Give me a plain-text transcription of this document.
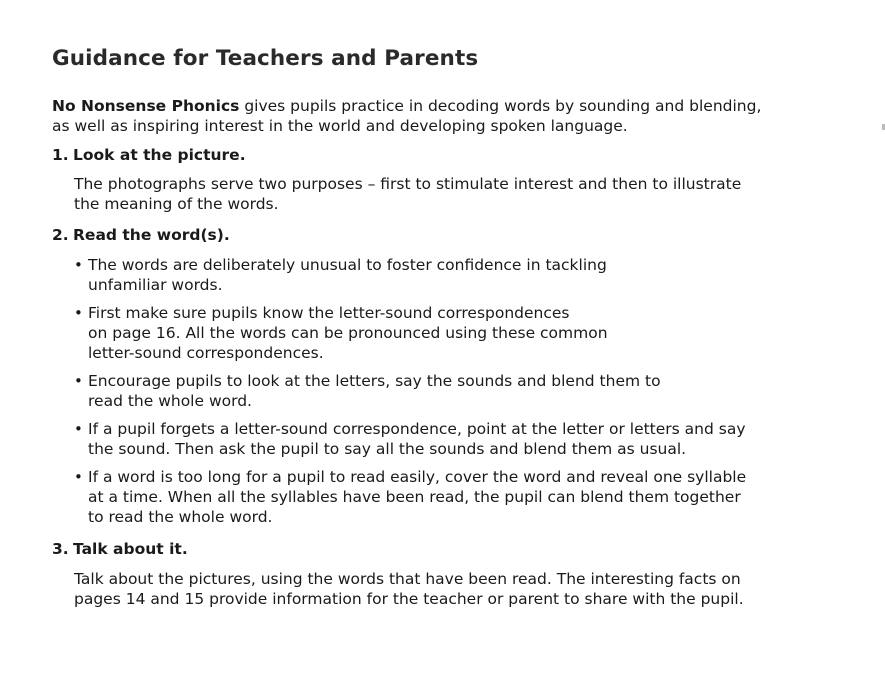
Guidance for Teachers and Parents
No Nonsense Phonics gives pupils practice in decoding words by sounding and blending,
as well as inspiring interest in the world and developing spoken language.
1. Look at the picture.
The photographs serve two purposes – first to stimulate interest and then to illustrate
the meaning of the words.
2. Read the word(s).
• The words are deliberately unusual to foster confidence in tackling
unfamiliar words.
• First make sure pupils know the letter-sound correspondences
on page 16. All the words can be pronounced using these common
letter-sound correspondences.
• Encourage pupils to look at the letters, say the sounds and blend them to
read the whole word.
• If a pupil forgets a letter-sound correspondence, point at the letter or letters and say
the sound. Then ask the pupil to say all the sounds and blend them as usual.
• If a word is too long for a pupil to read easily, cover the word and reveal one syllable
at a time. When all the syllables have been read, the pupil can blend them together
to read the whole word.
3. Talk about it.
Talk about the pictures, using the words that have been read. The interesting facts on
pages 14 and 15 provide information for the teacher or parent to share with the pupil.
